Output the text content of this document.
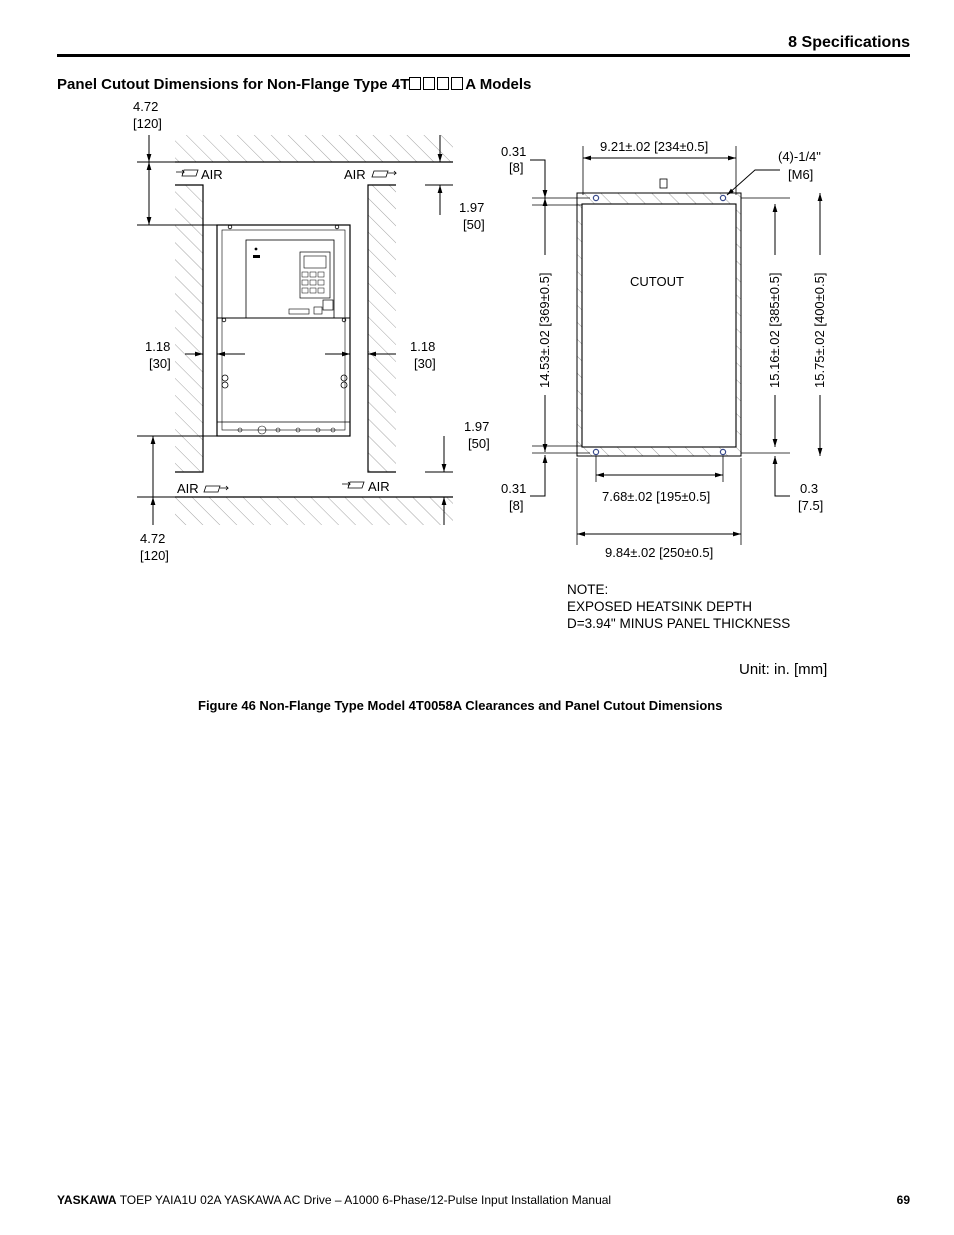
8 Specifications
Panel Cutout Dimensions for Non-Flange Type 4T	A Models
AIR	AIR
AIR	AIR
4.72
[120]
4.72
[120]
1.18
[30]
1.18
[30]
1.97
[50]
1.97
[50]
CUTOUT
9.21±.02 [234±0.5]
(4)-1/4"
[M6]
0.31
[8]
14.53±.02 [369±0.5]
0.31
[8]
15.16±.02 [385±0.5] 15.75±.02 [400±0.5]
0.3
[7.5]
7.68±.02 [195±0.5]
9.84±.02 [250±0.5]
NOTE:
EXPOSED HEATSINK DEPTH
D=3.94" MINUS PANEL THICKNESS
Unit: in. [mm]
Figure 46 Non-Flange Type Model 4T0058A Clearances and Panel Cutout Dimensions
YASKAWA TOEP YAIA1U 02A YASKAWA AC Drive – A1000 6-Phase/12-Pulse Input Installation Manual	69
